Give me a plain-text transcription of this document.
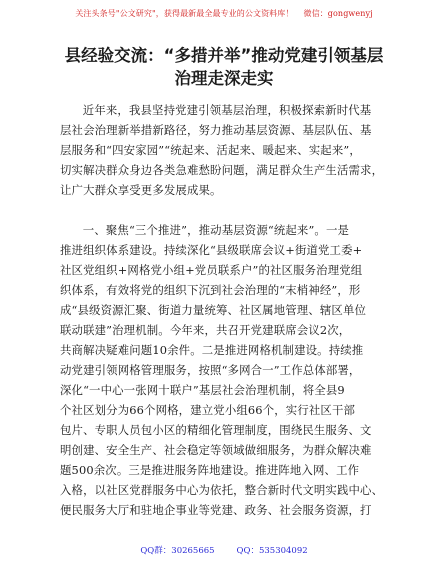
关注头条号"公文研究"，获得最新最全最专业的公文资料库！ 微信：gongwenyj
县经验交流：“多措并举”推动党建引领基层
治理走深走实
近年来，我县坚持党建引领基层治理，积极探索新时代基
层社会治理新举措新路径，努力推动基层资源、基层队伍、基
层服务和“四安家园”“统起来、活起来、暖起来、实起来”，
切实解决群众身边各类急难愁盼问题，满足群众生产生活需求，
让广大群众享受更多发展成果。
一、聚焦“三个推进”，推动基层资源“统起来”。一是
推进组织体系建设。持续深化“县级联席会议+街道党工委+
社区党组织+网格党小组+党员联系户”的社区服务治理党组
织体系，有效将党的组织下沉到社会治理的“末梢神经”，形
成“县级资源汇聚、街道力量统筹、社区属地管理、辖区单位
联动联建”治理机制。今年来，共召开党建联席会议2次，
共商解决疑难问题10余件。二是推进网格机制建设。持续推
动党建引领网格管理服务，按照“多网合一”工作总体部署，
深化“一中心一张网十联户”基层社会治理机制，将全县9
个社区划分为66个网格，建立党小组66个，实行社区干部
包片、专职人员包小区的精细化管理制度，围绕民生服务、文
明创建、安全生产、社会稳定等领域做细服务，为群众解决难
题500余次。三是推进服务阵地建设。推进阵地入网、工作
入格，以社区党群服务中心为依托，整合新时代文明实践中心、
便民服务大厅和驻地企事业等党建、政务、社会服务资源，打
QQ群：30265665	QQ：535304092
